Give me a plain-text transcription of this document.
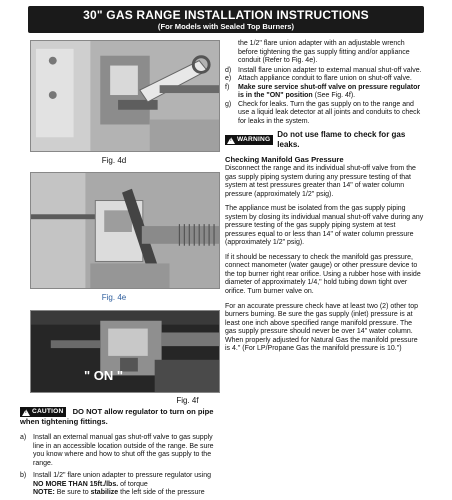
30" GAS RANGE INSTALLATION INSTRUCTIONS
(For Models with Sealed Top Burners)
Fig. 4d
Fig. 4e
" ON "
Fig. 4f

the 1/2" flare union adapter with an adjustable wrench before tightening the gas supply fitting and/or appliance conduit (Refer to Fig. 4e).

d) Install flare union adapter to external manual shut-off valve.
e) Attach appliance conduit to flare union on shut-off valve.
f)	Make sure service shut-off valve on pressure regulator is in the "ON" position (See Fig. 4f).
g) Check for leaks. Turn the gas supply on to the range and use a liquid leak detector at all joints and conduits to check for leaks in the system.
!
WARNING
Do not use flame to check for gas leaks.
Checking Manifold Gas Pressure

Disconnect the range and its individual shut-off valve from the gas supply piping system during any pressure testing of that system at test pressures greater than 14" of water column pressure (approximately 1/2" psig).

The appliance must be isolated from the gas supply piping system by closing its individual manual shut-off valve during any pressure testing of the gas supply piping system at test pressures equal to or less than 14" of water column pressure (approximately 1/2" psig).

If it should be necessary to check the manifold gas pressure, connect manometer (water gauge) or other pressure device to the top burner right rear orifice. Using a rubber hose with inside diameter of approximately 1/4," hold tubing down tight over orifice. Turn burner valve on.

For an accurate pressure check have at least two (2) other top burners burning. Be sure the gas supply (inlet) pressure is at least one inch above specified range manifold pressure. The gas supply pressure should never be over 14" water column. When properly adjusted for Natural Gas the manifold pressure is 4." (For LP/Propane Gas the manifold pressure is 10.")

!
CAUTION DO NOT allow regulator to turn on pipe when tightening fittings.
a) Install an external manual gas shut-off valve to gas supply line in an accessible location outside of the range. Be sure you know where and how to shut off the gas supply to the range.
b) Install 1/2" flare union adapter to pressure regulator using NO MORE THAN 15ft./lbs. of torque
NOTE: Be sure to stabilize the left side of the pressure
